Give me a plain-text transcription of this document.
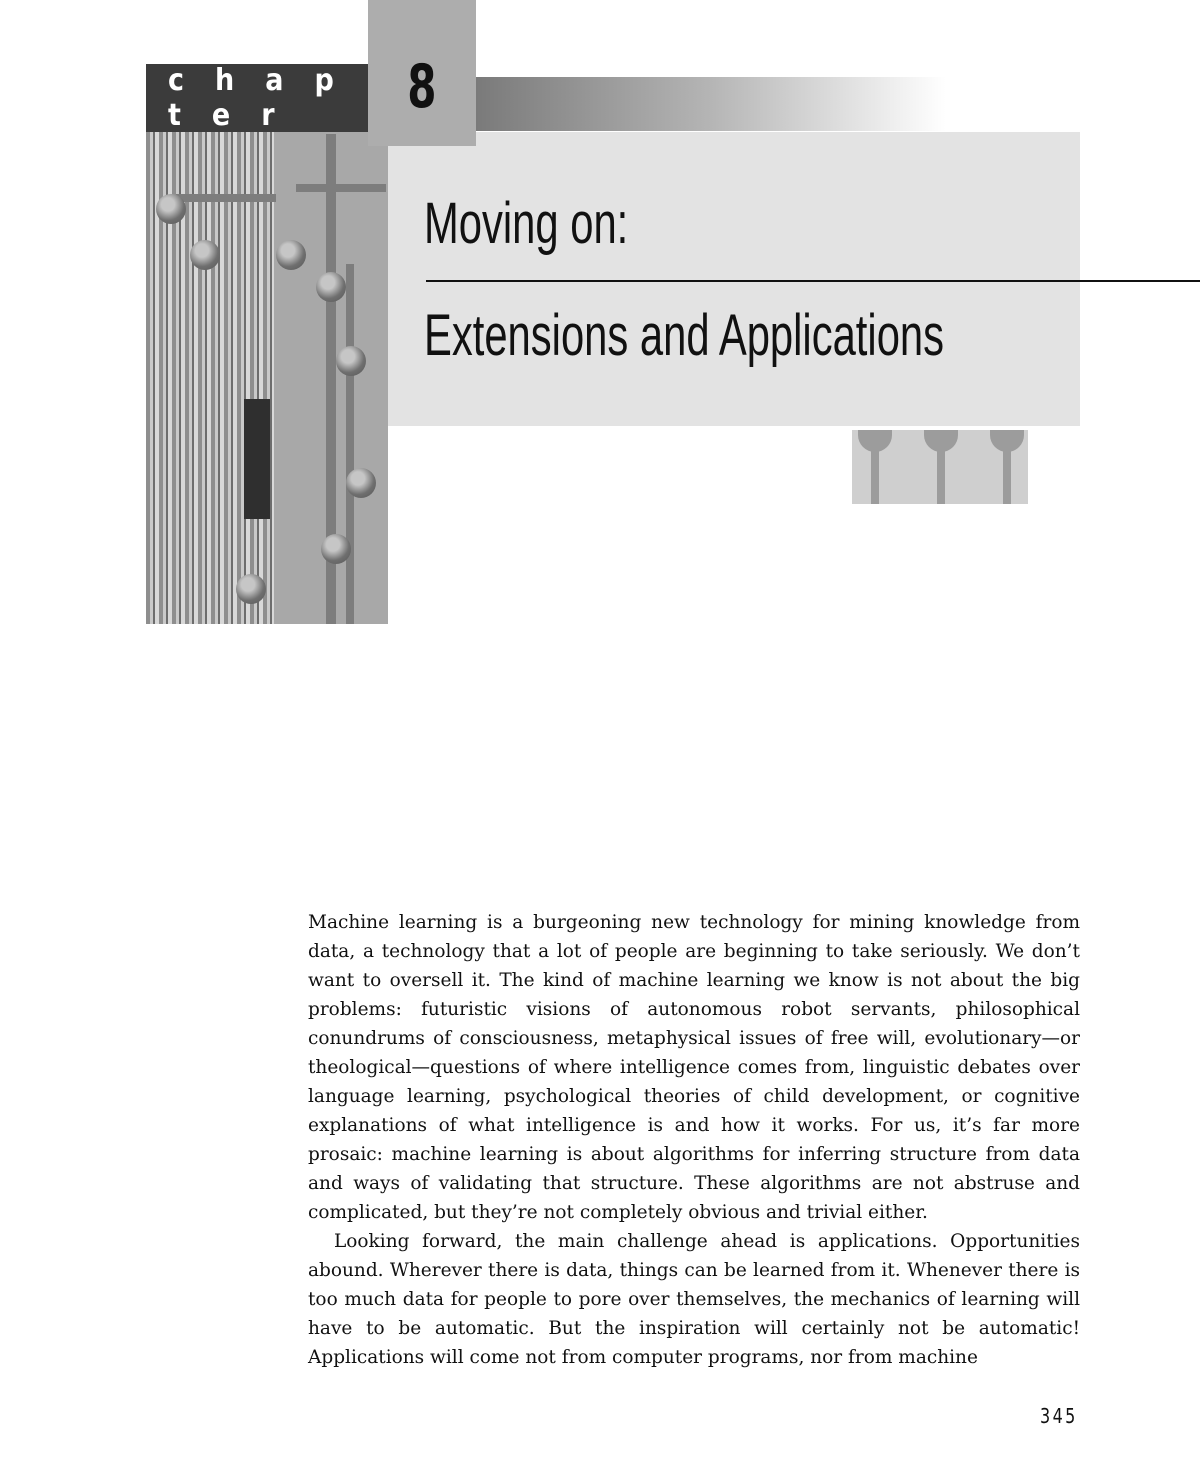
c h a p t e r	8
Moving on:
Extensions and Applications

Machine learning is a burgeoning new technology for mining knowledge from data, a technology that a lot of people are beginning to take seriously. We don’t want to oversell it. The kind of machine learning we know is not about the big problems: futuristic visions of autonomous robot servants, philosophical conundrums of consciousness, metaphysical issues of free will, evolutionary—or theological—questions of where intelligence comes from, linguistic debates over language learning, psychological theories of child development, or cognitive explanations of what intelligence is and how it works. For us, it’s far more prosaic: machine learning is about algorithms for inferring structure from data and ways of validating that structure. These algorithms are not abstruse and complicated, but they’re not completely obvious and trivial either.

Looking forward, the main challenge ahead is applications. Opportunities abound. Wherever there is data, things can be learned from it. Whenever there is too much data for people to pore over themselves, the mechanics of learning will have to be automatic. But the inspiration will certainly not be automatic! Applications will come not from computer programs, nor from machine

345
